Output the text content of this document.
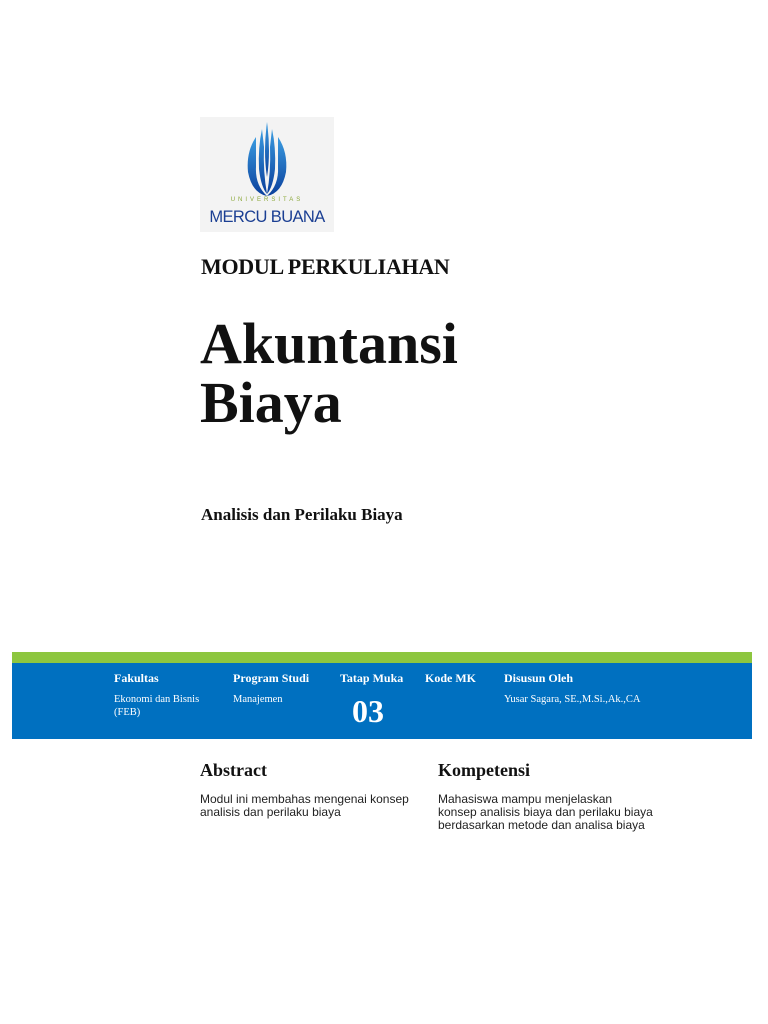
UNIVERSITAS
MERCU BUANA
MODUL PERKULIAHAN
Akuntansi
Biaya
Analisis dan Perilaku Biaya
Fakultas
Ekonomi dan Bisnis
(FEB)
Program Studi
Manajemen
Tatap Muka
03
Kode MK Disusun Oleh
Yusar Sagara, SE.,M.Si.,Ak.,CA
Abstract
Modul ini membahas mengenai konsep
analisis dan perilaku biaya
Kompetensi
Mahasiswa mampu menjelaskan
konsep analisis biaya dan perilaku biaya
berdasarkan metode dan analisa biaya
